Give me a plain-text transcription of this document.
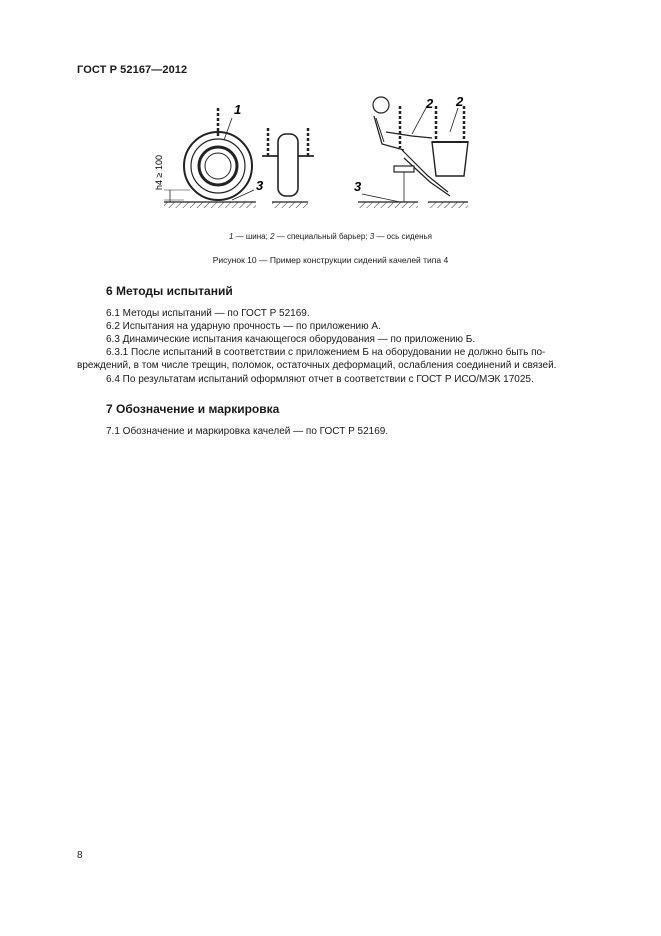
ГОСТ Р 52167—2012
h4 ≥ 100
1
3
2
3
2
1 — шина; 2 — специальный барьер; 3 — ось сиденья
Рисунок 10 — Пример конструкции сидений качелей типа 4
6 Методы испытаний
6.1 Методы испытаний — по ГОСТ Р 52169.
6.2 Испытания на ударную прочность — по приложению А.
6.3 Динамические испытания качающегося оборудования — по приложению Б.
6.3.1 После испытаний в соответствии с приложением Б на оборудовании не должно быть по-
вреждений, в том числе трещин, поломок, остаточных деформаций, ослабления соединений и связей.
6.4 По результатам испытаний оформляют отчет в соответствии с ГОСТ Р ИСО/МЭК 17025.
7 Обозначение и маркировка
7.1 Обозначение и маркировка качелей — по ГОСТ Р 52169.
8
